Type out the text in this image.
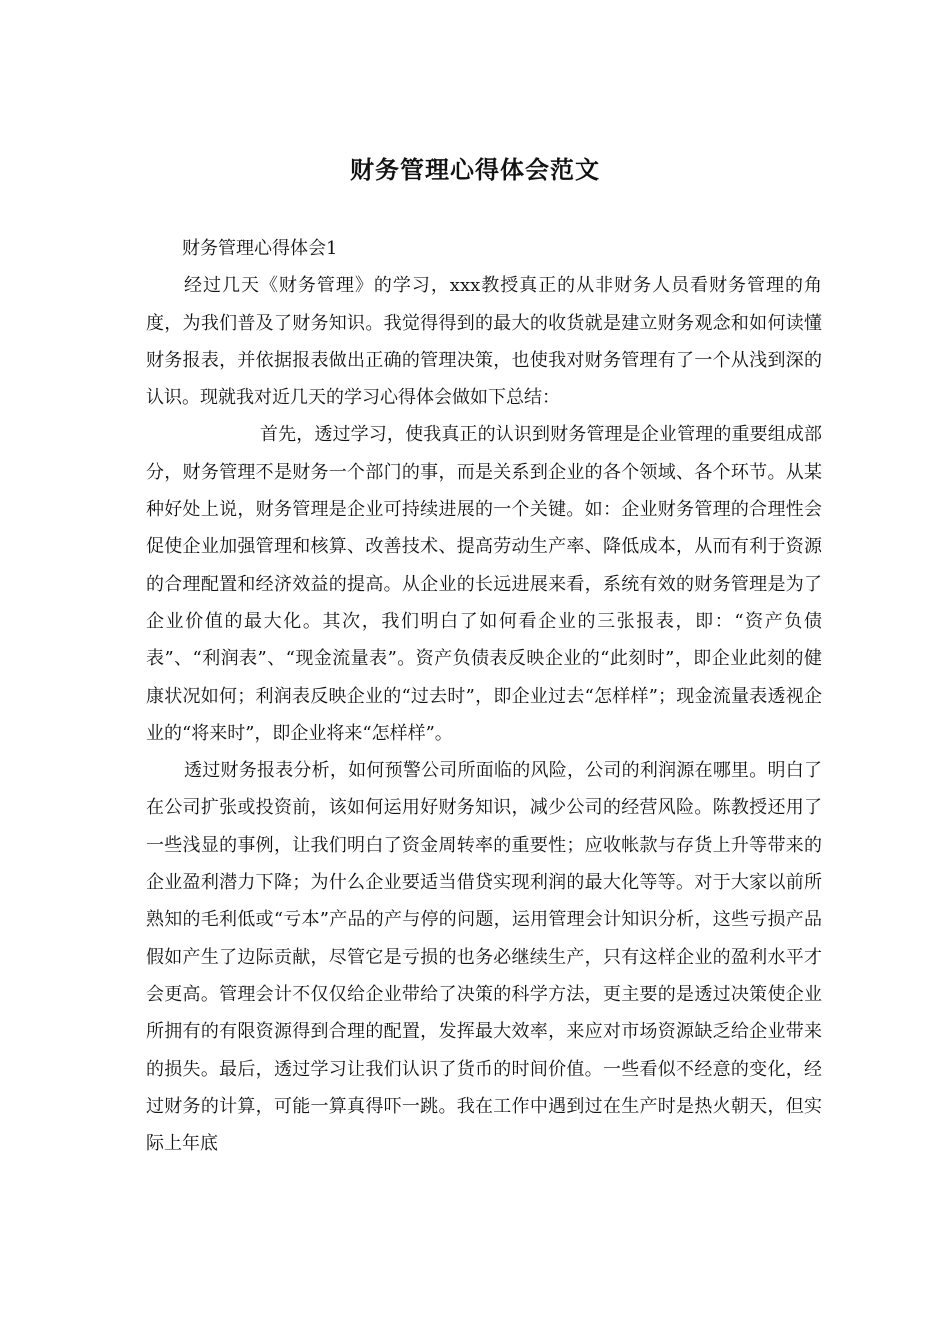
财务管理心得体会范文

财务管理心得体会1

经过几天《财务管理》的学习，xxx教授真正的从非财务人员看财务管理的角度，为我们普及了财务知识。我觉得得到的最大的收货就是建立财务观念和如何读懂财务报表，并依据报表做出正确的管理决策，也使我对财务管理有了一个从浅到深的认识。现就我对近几天的学习心得体会做如下总结：

首先，透过学习，使我真正的认识到财务管理是企业管理的重要组成部分，财务管理不是财务一个部门的事，而是关系到企业的各个领域、各个环节。从某种好处上说，财务管理是企业可持续进展的一个关键。如：企业财务管理的合理性会促使企业加强管理和核算、改善技术、提高劳动生产率、降低成本，从而有利于资源的合理配置和经济效益的提高。从企业的长远进展来看，系统有效的财务管理是为了企业价值的最大化。其次，我们明白了如何看企业的三张报表，即：“资产负债表”、“利润表”、“现金流量表”。资产负债表反映企业的“此刻时”，即企业此刻的健康状况如何；利润表反映企业的“过去时”，即企业过去“怎样样”；现金流量表透视企业的“将来时”，即企业将来“怎样样”。

透过财务报表分析，如何预警公司所面临的风险，公司的利润源在哪里。明白了在公司扩张或投资前，该如何运用好财务知识，减少公司的经营风险。陈教授还用了一些浅显的事例，让我们明白了资金周转率的重要性；应收帐款与存货上升等带来的企业盈利潜力下降；为什么企业要适当借贷实现利润的最大化等等。对于大家以前所熟知的毛利低或“亏本”产品的产与停的问题，运用管理会计知识分析，这些亏损产品假如产生了边际贡献，尽管它是亏损的也务必继续生产，只有这样企业的盈利水平才会更高。管理会计不仅仅给企业带给了决策的科学方法，更主要的是透过决策使企业所拥有的有限资源得到合理的配置，发挥最大效率，来应对市场资源缺乏给企业带来的损失。最后，透过学习让我们认识了货币的时间价值。一些看似不经意的变化，经过财务的计算，可能一算真得吓一跳。我在工作中遇到过在生产时是热火朝天，但实际上年底
